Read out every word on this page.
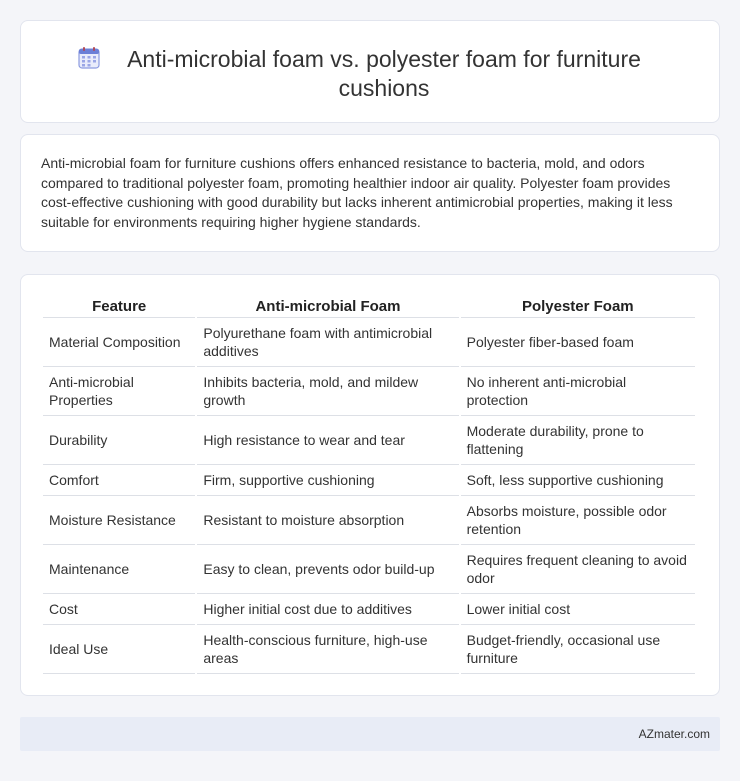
Anti-microbial foam vs. polyester foam for furniture cushions

Anti-microbial foam for furniture cushions offers enhanced resistance to bacteria, mold, and odors compared to traditional polyester foam, promoting healthier indoor air quality. Polyester foam provides cost-effective cushioning with good durability but lacks inherent antimicrobial properties, making it less suitable for environments requiring higher hygiene standards.

Feature	Anti-microbial Foam	Polyester Foam
Material Composition	Polyurethane foam with antimicrobial additives	Polyester fiber-based foam
Anti-microbial Properties	Inhibits bacteria, mold, and mildew growth	No inherent anti-microbial protection
Durability	High resistance to wear and tear	Moderate durability, prone to flattening
Comfort	Firm, supportive cushioning	Soft, less supportive cushioning
Moisture Resistance	Resistant to moisture absorption	Absorbs moisture, possible odor retention
Maintenance	Easy to clean, prevents odor build-up	Requires frequent cleaning to avoid odor
Cost	Higher initial cost due to additives	Lower initial cost
Ideal Use	Health-conscious furniture, high-use areas	Budget-friendly, occasional use furniture
AZmater.com
